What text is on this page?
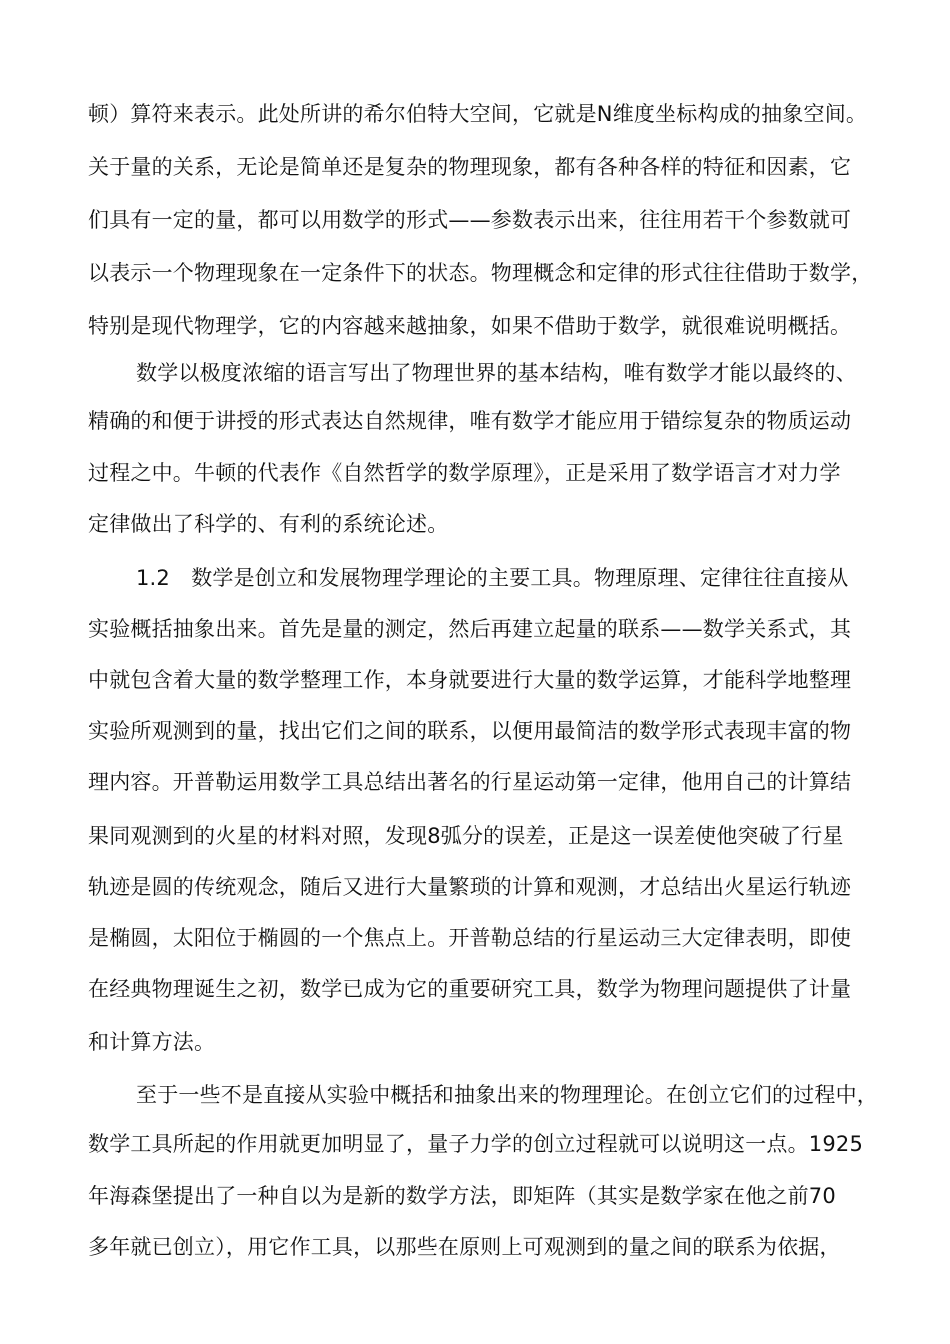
顿）算符来表示。此处所讲的希尔伯特大空间，它就是N维度坐标构成的抽象空间。
关于量的关系，无论是简单还是复杂的物理现象，都有各种各样的特征和因素，它
们具有一定的量，都可以用数学的形式——参数表示出来，往往用若干个参数就可
以表示一个物理现象在一定条件下的状态。物理概念和定律的形式往往借助于数学，
特别是现代物理学，它的内容越来越抽象，如果不借助于数学，就很难说明概括。
数学以极度浓缩的语言写出了物理世界的基本结构，唯有数学才能以最终的、
精确的和便于讲授的形式表达自然规律，唯有数学才能应用于错综复杂的物质运动
过程之中。牛顿的代表作《自然哲学的数学原理》，正是采用了数学语言才对力学
定律做出了科学的、有利的系统论述。
1.2　数学是创立和发展物理学理论的主要工具。物理原理、定律往往直接从
实验概括抽象出来。首先是量的测定，然后再建立起量的联系——数学关系式，其
中就包含着大量的数学整理工作，本身就要进行大量的数学运算，才能科学地整理
实验所观测到的量，找出它们之间的联系，以便用最简洁的数学形式表现丰富的物
理内容。开普勒运用数学工具总结出著名的行星运动第一定律，他用自己的计算结
果同观测到的火星的材料对照，发现8弧分的误差，正是这一误差使他突破了行星
轨迹是圆的传统观念，随后又进行大量繁琐的计算和观测，才总结出火星运行轨迹
是椭圆，太阳位于椭圆的一个焦点上。开普勒总结的行星运动三大定律表明，即使
在经典物理诞生之初，数学已成为它的重要研究工具，数学为物理问题提供了计量
和计算方法。
至于一些不是直接从实验中概括和抽象出来的物理理论。在创立它们的过程中，
数学工具所起的作用就更加明显了，量子力学的创立过程就可以说明这一点。1925
年海森堡提出了一种自以为是新的数学方法，即矩阵（其实是数学家在他之前70
多年就已创立），用它作工具，以那些在原则上可观测到的量之间的联系为依据，
